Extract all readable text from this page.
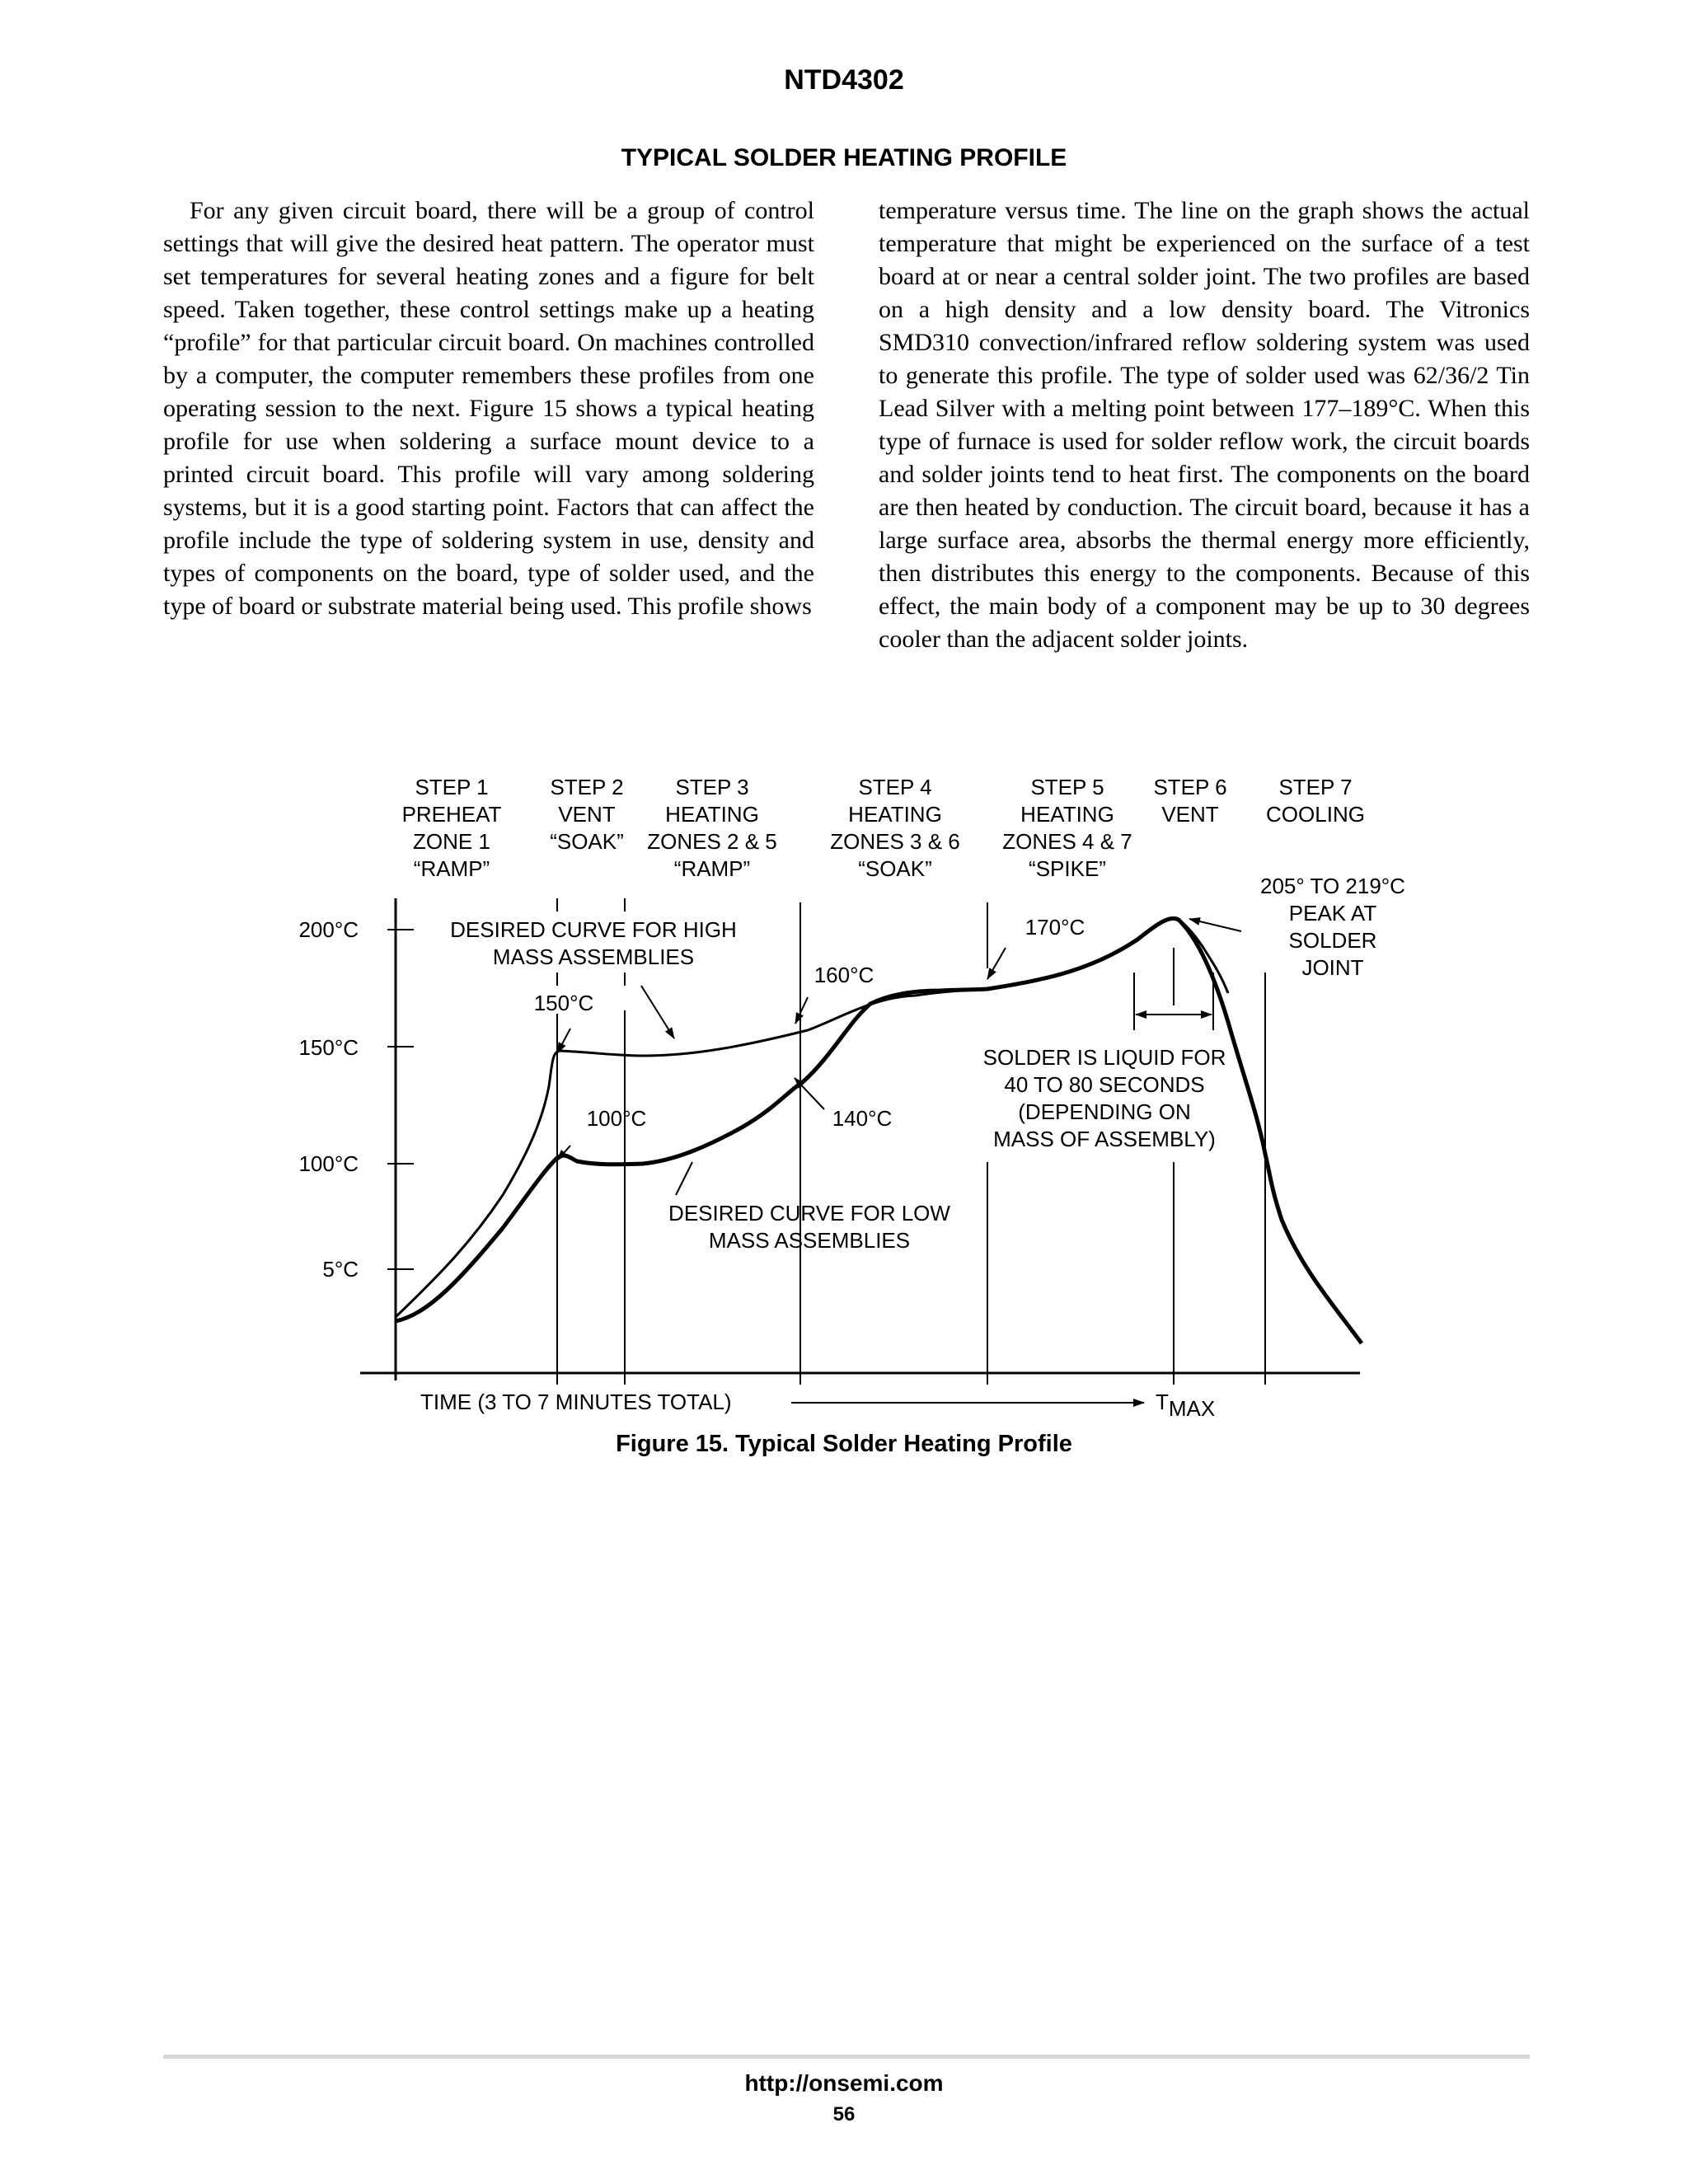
NTD4302
TYPICAL SOLDER HEATING PROFILE

For any given circuit board, there will be a group of control settings that will give the desired heat pattern. The operator must set temperatures for several heating zones and a figure for belt speed. Taken together, these control settings make up a heating “profile” for that particular circuit board. On machines controlled by a computer, the computer remembers these profiles from one operating session to the next. Figure 15 shows a typical heating profile for use when soldering a surface mount device to a printed circuit board. This profile will vary among soldering systems, but it is a good starting point. Factors that can affect the profile include the type of soldering system in use, density and types of components on the board, type of solder used, and the type of board or substrate material being used. This profile shows

temperature versus time. The line on the graph shows the actual temperature that might be experienced on the surface of a test board at or near a central solder joint. The two profiles are based on a high density and a low density board. The Vitronics SMD310 convection/infrared reflow soldering system was used to generate this profile. The type of solder used was 62/36/2 Tin Lead Silver with a melting point between 177–189°C. When this type of furnace is used for solder reflow work, the circuit boards and solder joints tend to heat first. The components on the board are then heated by conduction. The circuit board, because it has a large surface area, absorbs the thermal energy more efficiently, then distributes this energy to the components. Because of this effect, the main body of a component may be up to 30 degrees cooler than the adjacent solder joints.

STEP 1
PREHEAT
ZONE 1
“RAMP”
STEP 2
VENT
“SOAK”
STEP 3
HEATING
ZONES 2 & 5
“RAMP”
STEP 4
HEATING
ZONES 3 & 6
“SOAK”
STEP 5
HEATING
ZONES 4 & 7
“SPIKE”
STEP 6
VENT
STEP 7
COOLING
200°C
150°C
100°C
5°C
DESIRED CURVE FOR HIGH
MASS ASSEMBLIES
150°C
100°C
160°C
140°C
170°C
205° TO 219°C
PEAK AT
SOLDER
JOINT
SOLDER IS LIQUID FOR
40 TO 80 SECONDS
(DEPENDING ON
MASS OF ASSEMBLY)
DESIRED CURVE FOR LOW
MASS ASSEMBLIES
TIME (3 TO 7 MINUTES TOTAL)	TMAX
Figure 15. Typical Solder Heating Profile
http://onsemi.com
56
